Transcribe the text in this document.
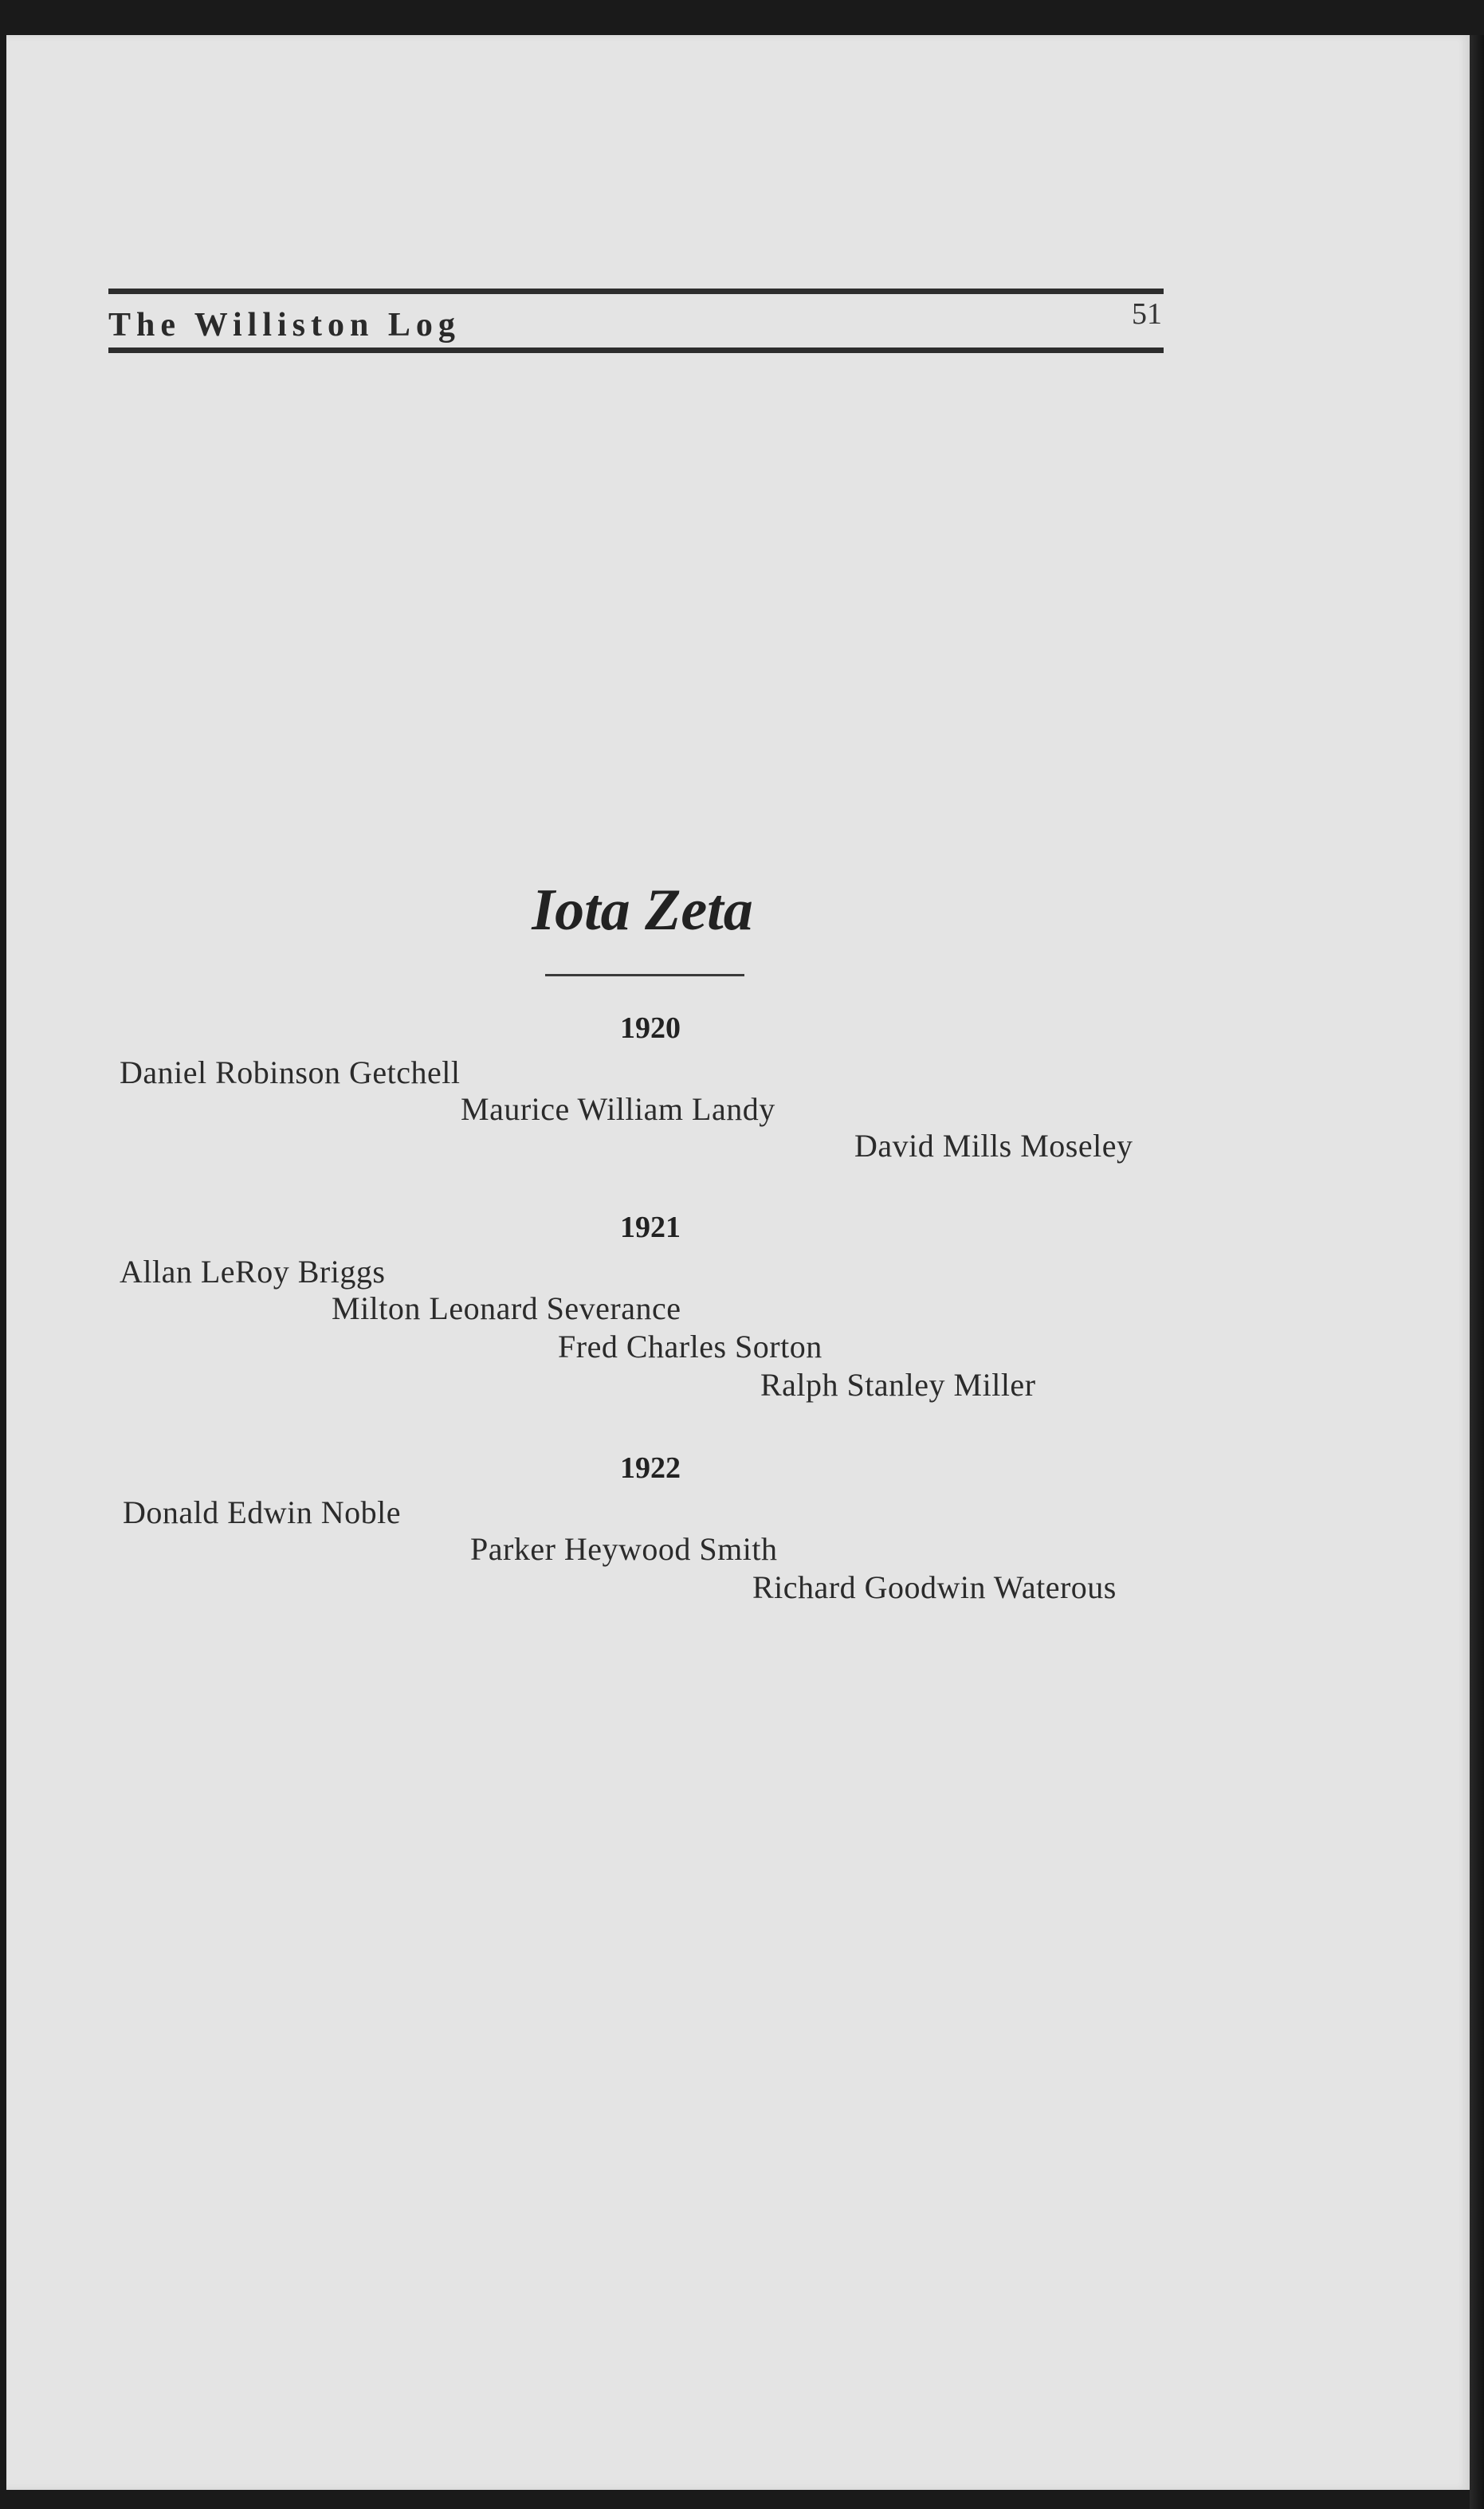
The Williston Log	51
Iota Zeta
1920
Daniel Robinson Getchell
Maurice William Landy
David Mills Moseley
1921
Allan LeRoy Briggs
Milton Leonard Severance
Fred Charles Sorton
Ralph Stanley Miller
1922
Donald Edwin Noble
Parker Heywood Smith
Richard Goodwin Waterous
